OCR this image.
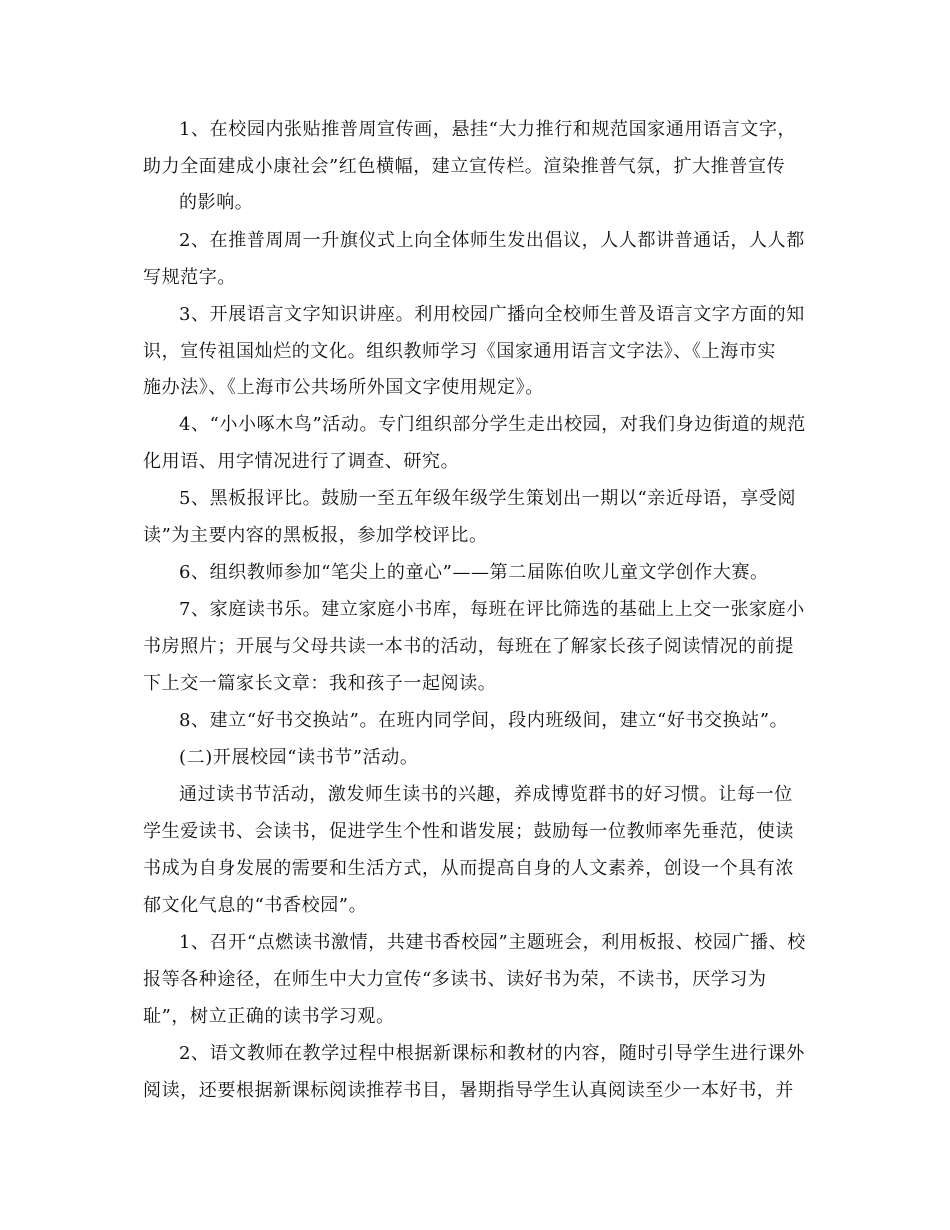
1、在校园内张贴推普周宣传画，悬挂“大力推行和规范国家通用语言文字，
助力全面建成小康社会”红色横幅，建立宣传栏。渲染推普气氛，扩大推普宣传
的影响。
2、在推普周周一升旗仪式上向全体师生发出倡议，人人都讲普通话，人人都
写规范字。
3、开展语言文字知识讲座。利用校园广播向全校师生普及语言文字方面的知
识，宣传祖国灿烂的文化。组织教师学习《国家通用语言文字法》、《上海市实
施办法》、《上海市公共场所外国文字使用规定》。
4、“小小啄木鸟”活动。专门组织部分学生走出校园，对我们身边街道的规范
化用语、用字情况进行了调查、研究。
5、黑板报评比。鼓励一至五年级年级学生策划出一期以“亲近母语，享受阅
读”为主要内容的黑板报，参加学校评比。
6、组织教师参加“笔尖上的童心”——第二届陈伯吹儿童文学创作大赛。
7、家庭读书乐。建立家庭小书库，每班在评比筛选的基础上上交一张家庭小
书房照片；开展与父母共读一本书的活动，每班在了解家长孩子阅读情况的前提
下上交一篇家长文章：我和孩子一起阅读。
8、建立“好书交换站”。在班内同学间，段内班级间，建立“好书交换站”。
(二)开展校园“读书节”活动。
通过读书节活动，激发师生读书的兴趣，养成博览群书的好习惯。让每一位
学生爱读书、会读书，促进学生个性和谐发展；鼓励每一位教师率先垂范，使读
书成为自身发展的需要和生活方式，从而提高自身的人文素养，创设一个具有浓
郁文化气息的“书香校园”。
1、召开“点燃读书激情，共建书香校园”主题班会，利用板报、校园广播、校
报等各种途径，在师生中大力宣传“多读书、读好书为荣，不读书，厌学习为
耻”，树立正确的读书学习观。
2、语文教师在教学过程中根据新课标和教材的内容，随时引导学生进行课外
阅读，还要根据新课标阅读推荐书目，暑期指导学生认真阅读至少一本好书，并
